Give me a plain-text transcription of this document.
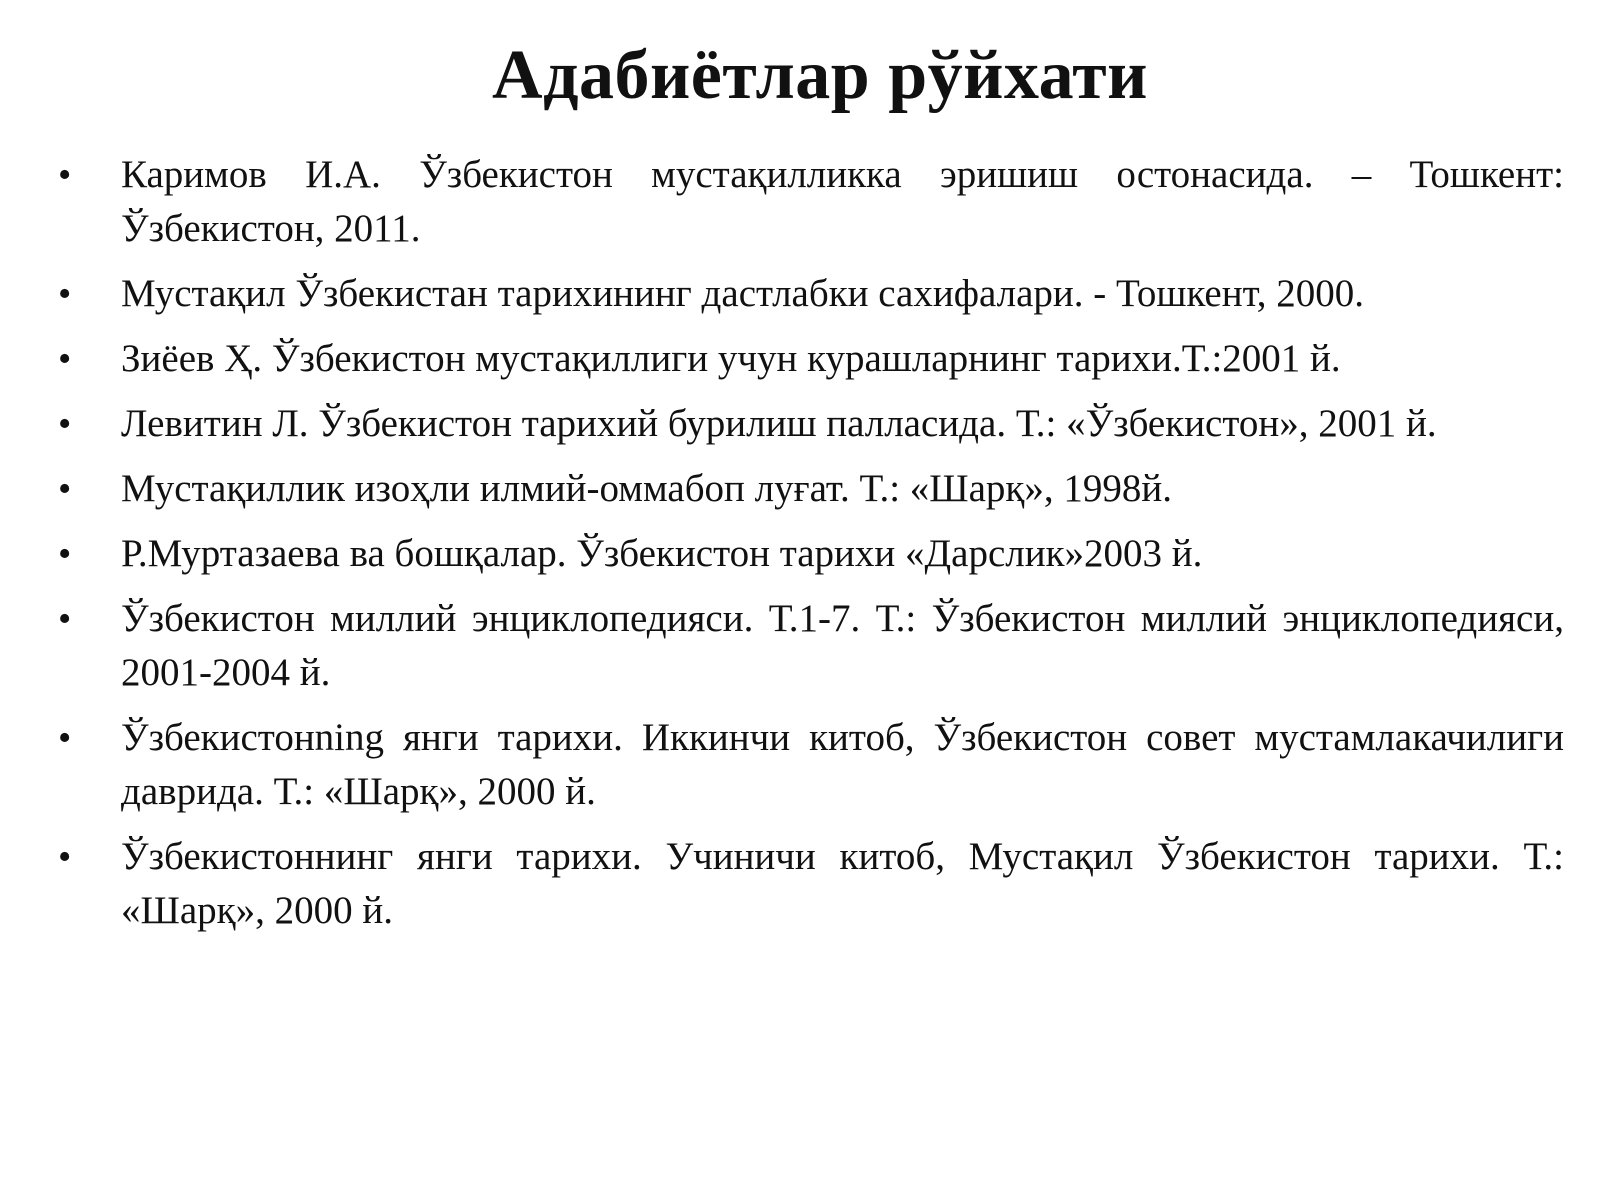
Адабиётлар рўйхати
• Каримов И.А. Ўзбекистон мустақилликка эришиш остонасида. – Тошкент: Ўзбекистон, 2011.
• Мустақил Ўзбекистан тарихининг дастлабки сахифалари. - Тошкент, 2000.
• Зиёев Ҳ. Ўзбекистон мустақиллиги учун курашларнинг тарихи.Т.:2001 й.
• Левитин Л. Ўзбекистон тарихий бурилиш палласида. Т.: «Ўзбекистон», 2001 й.
• Мустақиллик изоҳли илмий-оммабоп луғат. Т.: «Шарқ», 1998й.
• Р.Муртазаева ва бошқалар. Ўзбекистон тарихи «Дарслик»2003 й.
• Ўзбекистон миллий энциклопедияси. Т.1-7. Т.: Ўзбекистон миллий энциклопедияси, 2001-2004 й.
• Ўзбекистонning янги тарихи. Иккинчи китоб, Ўзбекистон совет мустамлакачилиги даврида. Т.: «Шарқ», 2000 й.
• Ўзбекистоннинг янги тарихи. Учиничи китоб, Мустақил Ўзбекистон тарихи. Т.: «Шарқ», 2000 й.
